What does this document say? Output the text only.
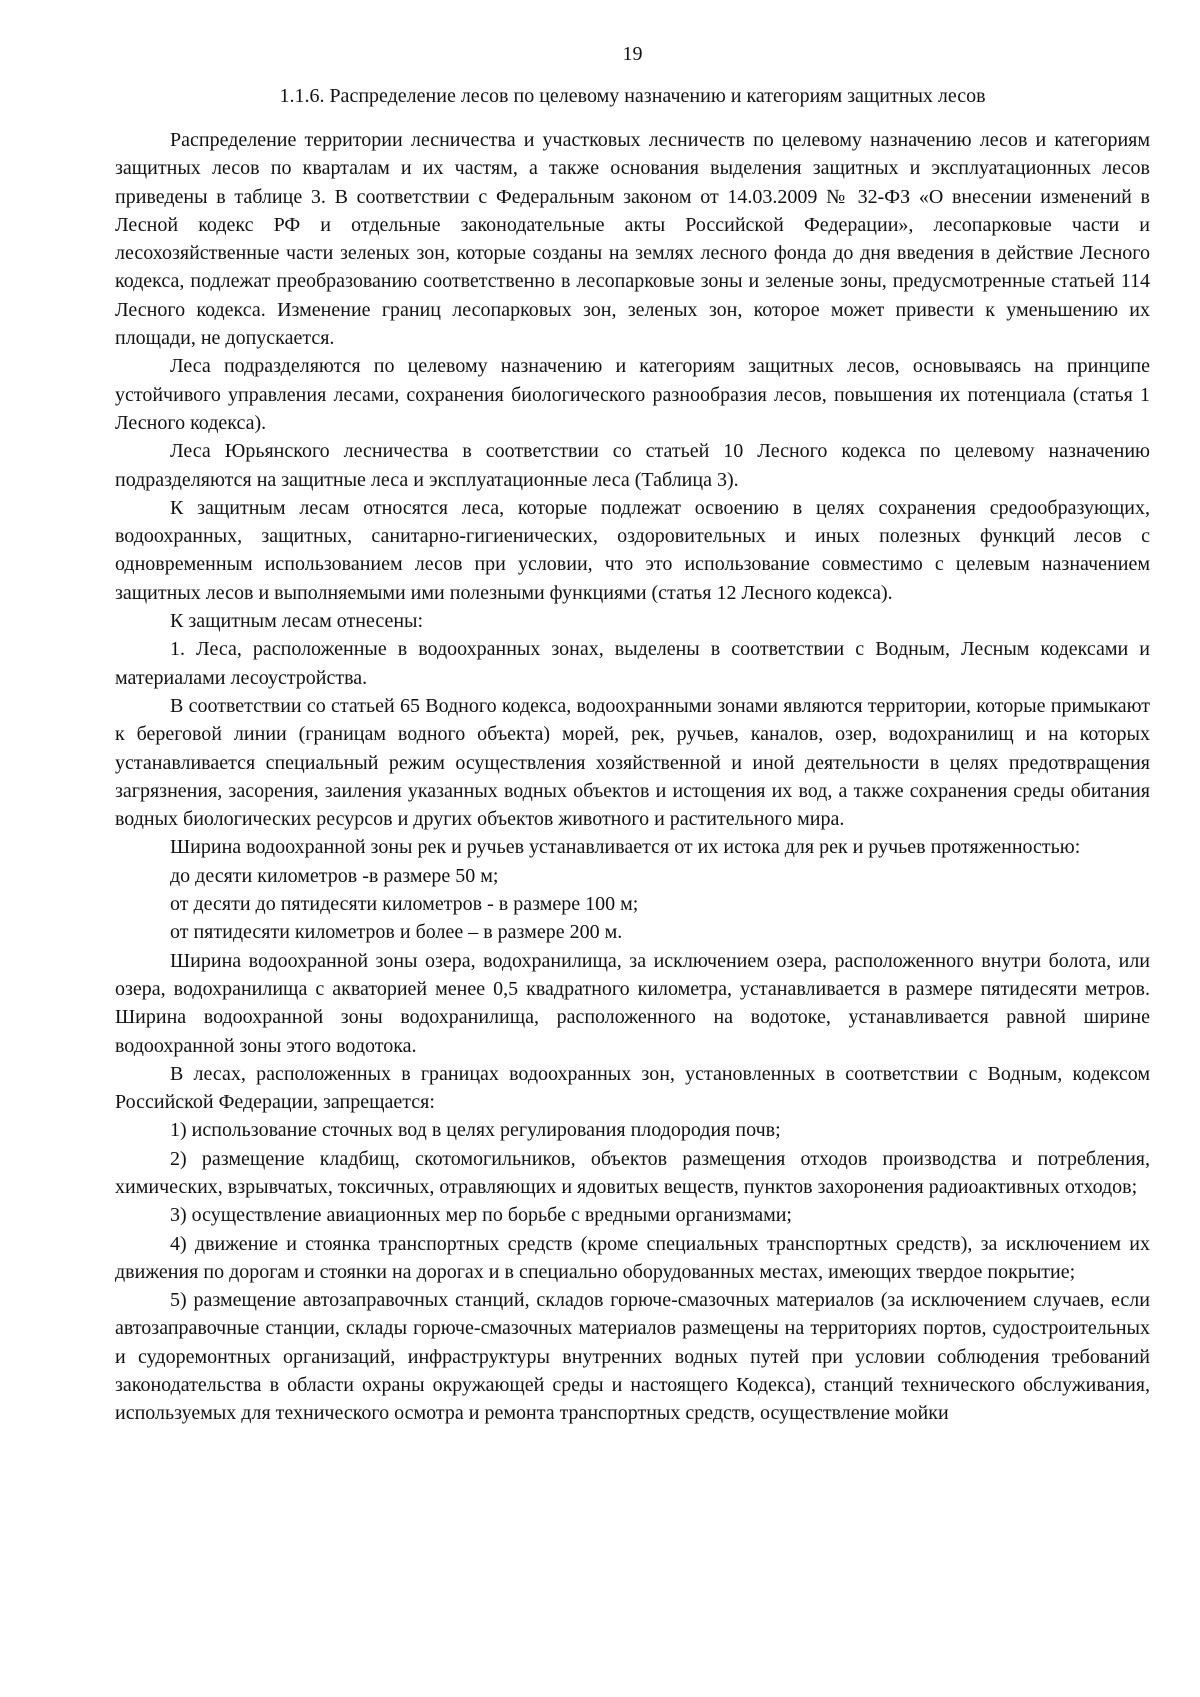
19
1.1.6. Распределение лесов по целевому назначению и категориям защитных лесов

Распределение территории лесничества и участковых лесничеств по целевому назначению лесов и категориям защитных лесов по кварталам и их частям, а также основания выделения защитных и эксплуатационных лесов приведены в таблице 3. В соответствии с Федеральным законом от 14.03.2009 № 32-ФЗ «О внесении изменений в Лесной кодекс РФ и отдельные законодательные акты Российской Федерации», лесопарковые части и лесохозяйственные части зеленых зон, которые созданы на землях лесного фонда до дня введения в действие Лесного кодекса, подлежат преобразованию соответственно в лесопарковые зоны и зеленые зоны, предусмотренные статьей 114 Лесного кодекса. Изменение границ лесопарковых зон, зеленых зон, которое может привести к уменьшению их площади, не допускается.

Леса подразделяются по целевому назначению и категориям защитных лесов, основываясь на принципе устойчивого управления лесами, сохранения биологического разнообразия лесов, повышения их потенциала (статья 1 Лесного кодекса).

Леса Юрьянского лесничества в соответствии со статьей 10 Лесного кодекса по целевому назначению подразделяются на защитные леса и эксплуатационные леса (Таблица 3).

К защитным лесам относятся леса, которые подлежат освоению в целях сохранения средообразующих, водоохранных, защитных, санитарно-гигиенических, оздоровительных и иных полезных функций лесов с одновременным использованием лесов при условии, что это использование совместимо с целевым назначением защитных лесов и выполняемыми ими полезными функциями (статья 12 Лесного кодекса).

К защитным лесам отнесены:

1. Леса, расположенные в водоохранных зонах, выделены в соответствии с Водным, Лесным кодексами и материалами лесоустройства.

В соответствии со статьей 65 Водного кодекса, водоохранными зонами являются территории, которые примыкают к береговой линии (границам водного объекта) морей, рек, ручьев, каналов, озер, водохранилищ и на которых устанавливается специальный режим осуществления хозяйственной и иной деятельности в целях предотвращения загрязнения, засорения, заиления указанных водных объектов и истощения их вод, а также сохранения среды обитания водных биологических ресурсов и других объектов животного и растительного мира.

Ширина водоохранной зоны рек и ручьев устанавливается от их истока для рек и ручьев протяженностью:

до десяти километров -в размере 50 м;

от десяти до пятидесяти километров - в размере 100 м;

от пятидесяти километров и более – в размере 200 м.

Ширина водоохранной зоны озера, водохранилища, за исключением озера, расположенного внутри болота, или озера, водохранилища с акваторией менее 0,5 квадратного километра, устанавливается в размере пятидесяти метров. Ширина водоохранной зоны водохранилища, расположенного на водотоке, устанавливается равной ширине водоохранной зоны этого водотока.

В лесах, расположенных в границах водоохранных зон, установленных в соответствии с Водным, кодексом Российской Федерации, запрещается:

1) использование сточных вод в целях регулирования плодородия почв;

2) размещение кладбищ, скотомогильников, объектов размещения отходов производства и потребления, химических, взрывчатых, токсичных, отравляющих и ядовитых веществ, пунктов захоронения радиоактивных отходов;

3) осуществление авиационных мер по борьбе с вредными организмами;

4) движение и стоянка транспортных средств (кроме специальных транспортных средств), за исключением их движения по дорогам и стоянки на дорогах и в специально оборудованных местах, имеющих твердое покрытие;

5) размещение автозаправочных станций, складов горюче-смазочных материалов (за исключением случаев, если автозаправочные станции, склады горюче-смазочных материалов размещены на территориях портов, судостроительных и судоремонтных организаций, инфраструктуры внутренних водных путей при условии соблюдения требований законодательства в области охраны окружающей среды и настоящего Кодекса), станций технического обслуживания, используемых для технического осмотра и ремонта транспортных средств, осуществление мойки
